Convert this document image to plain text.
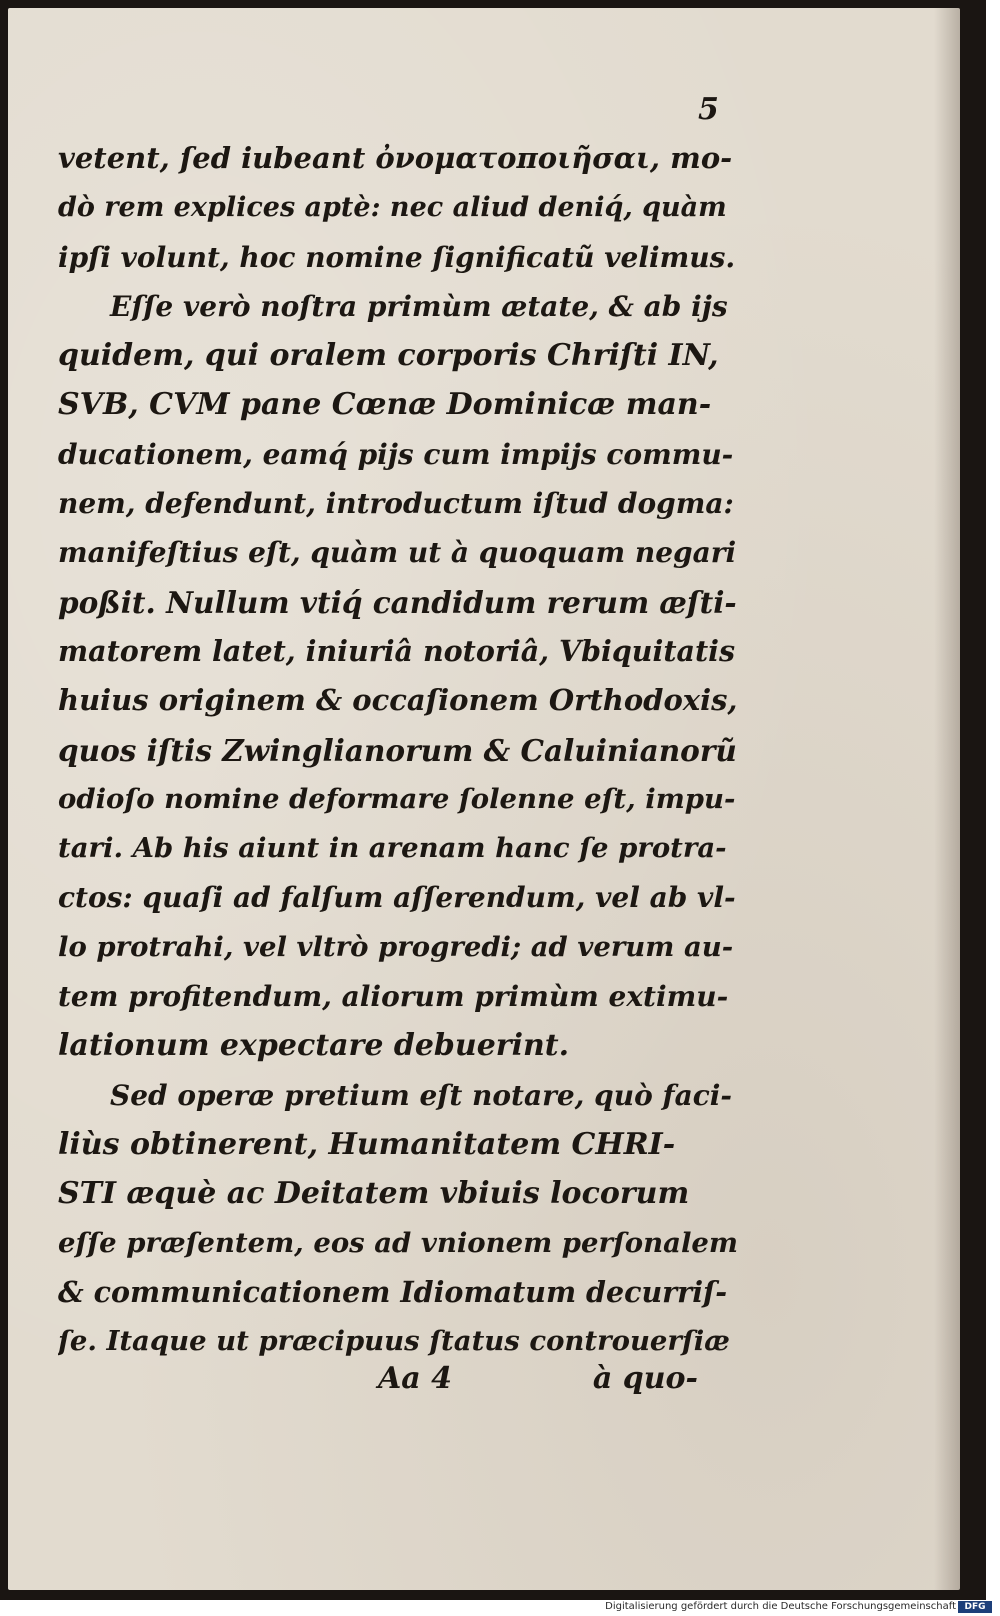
5
vetent, ſed iubeant ὀνοματοποιῆσαι, mo-
dò rem explices aptè: nec aliud deniq́, quàm
ipſi volunt, hoc nomine ſignificatũ velimus.
Eſſe verò noſtra primùm ætate, & ab ijs
quidem, qui oralem corporis Chriſti IN,
SVB, CVM pane Cœnæ Dominicæ man-
ducationem, eamq́ pijs cum impijs commu-
nem, defendunt, introductum iſtud dogma:
manifeſtius eſt, quàm ut à quoquam negari
poßit. Nullum vtiq́ candidum rerum æſti-
matorem latet, iniuriâ notoriâ, Vbiquitatis
huius originem & occaſionem Orthodoxis,
quos iſtis Zwinglianorum & Caluinianorũ
odioſo nomine deformare ſolenne eſt, impu-
tari. Ab his aiunt in arenam hanc ſe protra-
ctos: quaſi ad falſum aſſerendum, vel ab vl-
lo protrahi, vel vltrò progredi; ad verum au-
tem profitendum, aliorum primùm extimu-
lationum expectare debuerint.
Sed operæ pretium eſt notare, quò faci-
liùs obtinerent, Humanitatem CHRI-
STI æquè ac Deitatem vbiuis locorum
eſſe præſentem, eos ad vnionem perſonalem
& communicationem Idiomatum decurriſ-
ſe. Itaque ut præcipuus ſtatus controuerſiæ
Aa 4	à quo-
Digitalisierung gefördert durch die Deutsche Forschungsgemeinschaft DFG
